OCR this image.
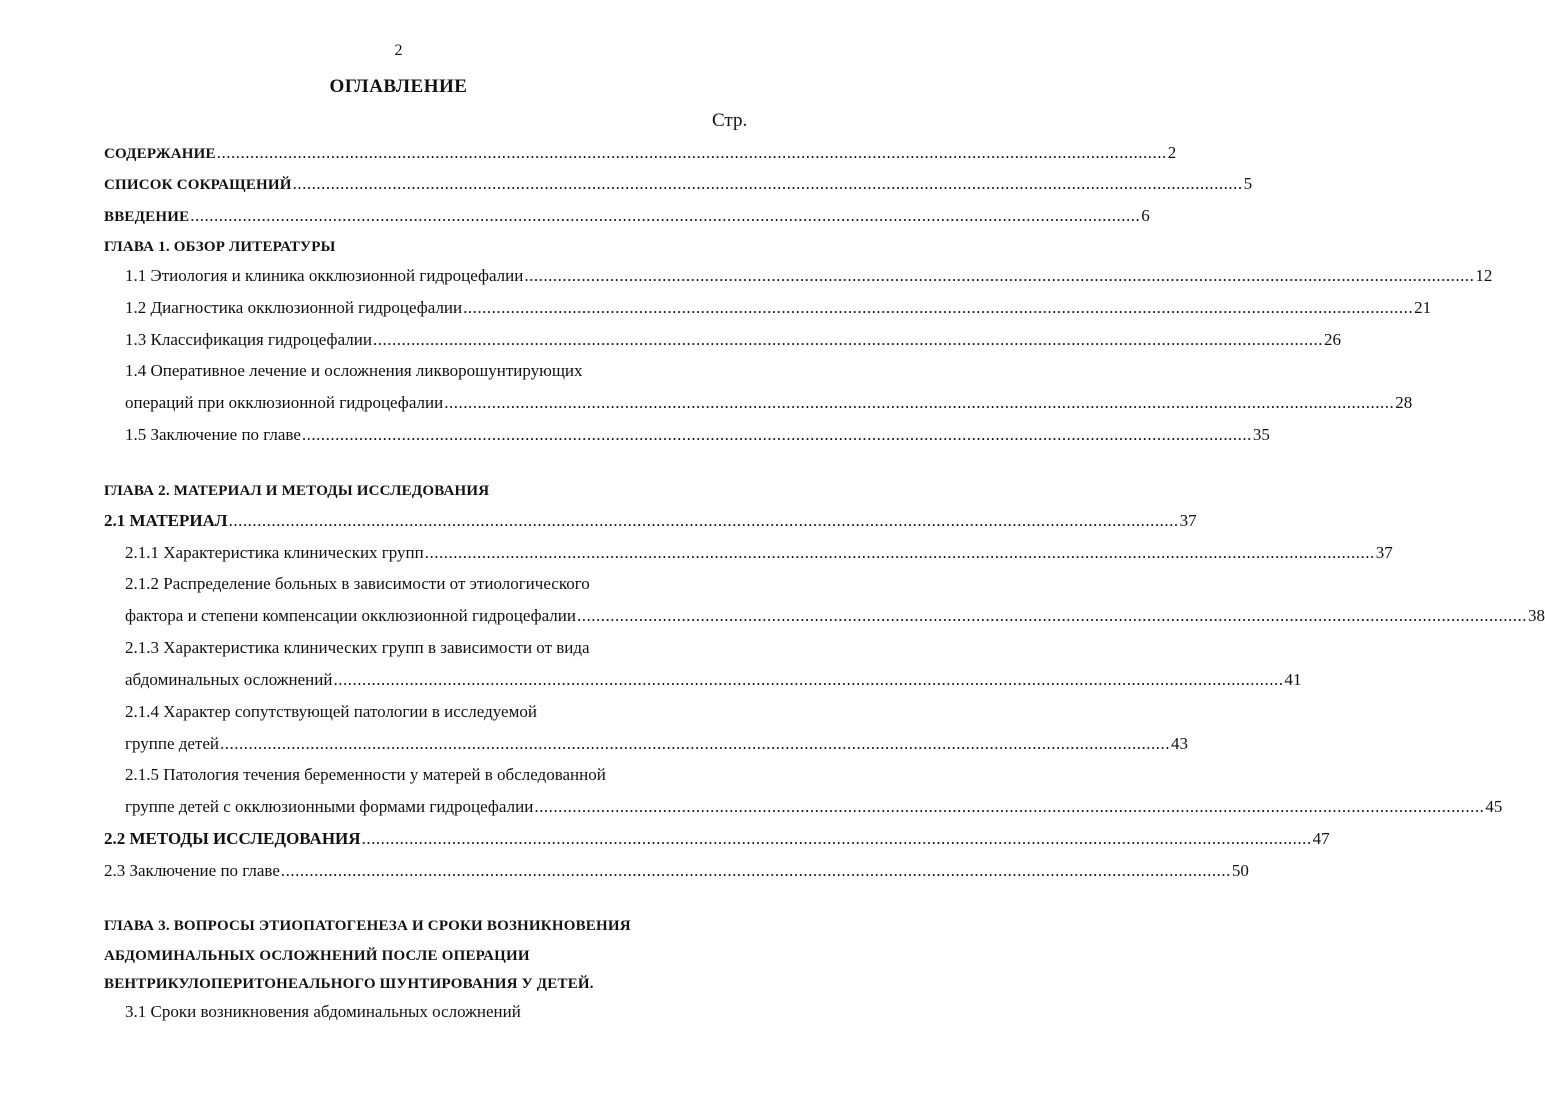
2
ОГЛАВЛЕНИЕ
Стр.
СОДЕРЖАНИЕ ........................................................................................................................................................................................................ 2
СПИСОК СОКРАЩЕНИЙ ........................................................................................................................................................................................................ 5
ВВЕДЕНИЕ ........................................................................................................................................................................................................ 6
ГЛАВА 1. ОБЗОР ЛИТЕРАТУРЫ
1.1 Этиология и клиника окклюзионной гидроцефалии ........................................................................................................................................................................................................ 12
1.2 Диагностика окклюзионной гидроцефалии ........................................................................................................................................................................................................ 21
1.3 Классификация гидроцефалии ........................................................................................................................................................................................................ 26
1.4 Оперативное лечение и осложнения ликворошунтирующих
операций при окклюзионной гидроцефалии ........................................................................................................................................................................................................ 28
1.5 Заключение по главе ........................................................................................................................................................................................................ 35
ГЛАВА 2. МАТЕРИАЛ И МЕТОДЫ ИССЛЕДОВАНИЯ
2.1 МАТЕРИАЛ ........................................................................................................................................................................................................ 37
2.1.1 Характеристика клинических групп ........................................................................................................................................................................................................ 37
2.1.2 Распределение больных в зависимости от этиологического
фактора и степени компенсации окклюзионной гидроцефалии ........................................................................................................................................................................................................ 38
2.1.3 Характеристика клинических групп в зависимости от вида
абдоминальных осложнений ........................................................................................................................................................................................................ 41
2.1.4 Характер сопутствующей патологии в исследуемой
группе детей ........................................................................................................................................................................................................ 43
2.1.5 Патология течения беременности у матерей в обследованной
группе детей с окклюзионными формами гидроцефалии ........................................................................................................................................................................................................ 45
2.2 МЕТОДЫ ИССЛЕДОВАНИЯ ........................................................................................................................................................................................................ 47
2.3 Заключение по главе ........................................................................................................................................................................................................ 50
ГЛАВА 3. ВОПРОСЫ ЭТИОПАТОГЕНЕЗА И СРОКИ ВОЗНИКНОВЕНИЯ
АБДОМИНАЛЬНЫХ ОСЛОЖНЕНИЙ ПОСЛЕ ОПЕРАЦИИ
ВЕНТРИКУЛОПЕРИТОНЕАЛЬНОГО ШУНТИРОВАНИЯ У ДЕТЕЙ.
3.1 Сроки возникновения абдоминальных осложнений
